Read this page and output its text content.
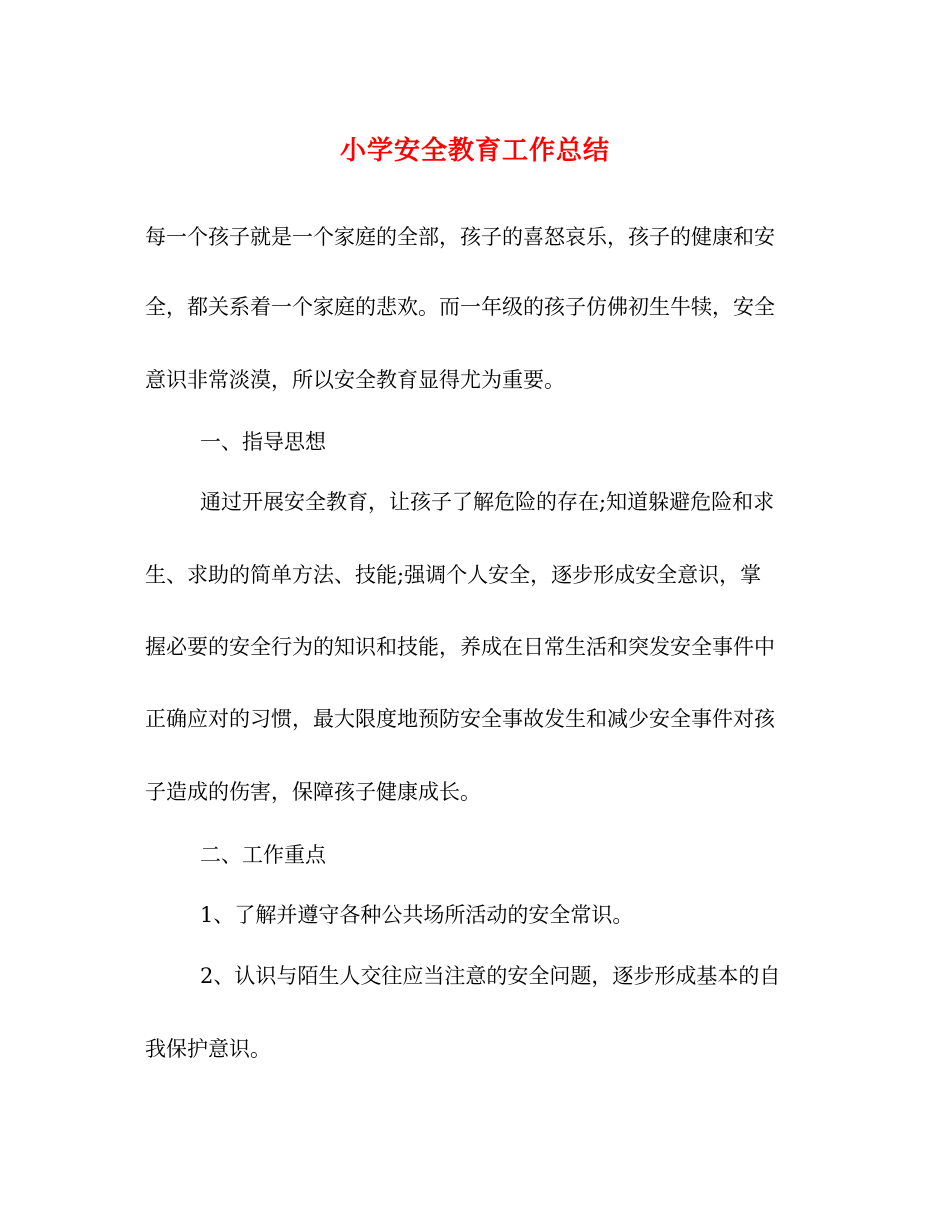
小学安全教育工作总结
每一个孩子就是一个家庭的全部，孩子的喜怒哀乐，孩子的健康和安
全，都关系着一个家庭的悲欢。而一年级的孩子仿佛初生牛犊，安全
意识非常淡漠，所以安全教育显得尤为重要。
一、指导思想
通过开展安全教育，让孩子了解危险的存在;知道躲避危险和求
生、求助的简单方法、技能;强调个人安全，逐步形成安全意识，掌
握必要的安全行为的知识和技能，养成在日常生活和突发安全事件中
正确应对的习惯，最大限度地预防安全事故发生和减少安全事件对孩
子造成的伤害，保障孩子健康成长。
二、工作重点
1、了解并遵守各种公共场所活动的安全常识。
2、认识与陌生人交往应当注意的安全问题，逐步形成基本的自
我保护意识。
